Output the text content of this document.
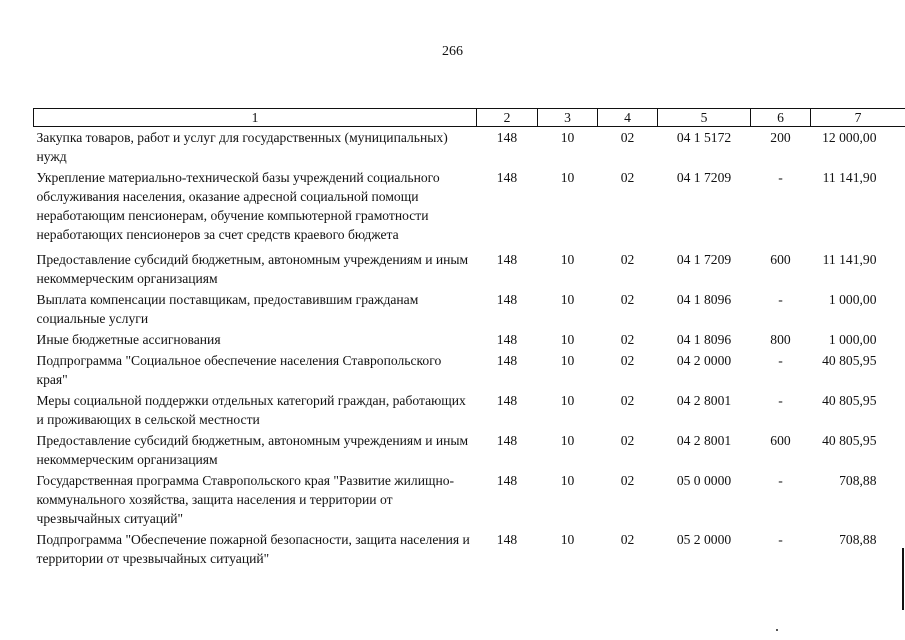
266
1	2	3	4	5	6	7
Закупка товаров, работ и услуг для государственных (муниципальных) нужд	148	10	02	04 1 5172	200	12 000,00
Укрепление материально-технической базы учреждений социального обслуживания населения, оказание адресной социальной помощи неработающим пенсионерам, обучение компьютерной грамотности неработающих пенсионеров за счет средств краевого бюджета	148	10	02	04 1 7209	-	11 141,90
Предоставление субсидий бюджетным, автономным учреждениям и иным некоммерческим организациям	148	10	02	04 1 7209	600	11 141,90
Выплата компенсации поставщикам, предоставившим гражданам социальные услуги	148	10	02	04 1 8096	-	1 000,00
Иные бюджетные ассигнования	148	10	02	04 1 8096	800	1 000,00
Подпрограмма "Социальное обеспечение населения Ставропольского края"	148	10	02	04 2 0000	-	40 805,95
Меры социальной поддержки отдельных категорий граждан, работающих и проживающих в сельской местности	148	10	02	04 2 8001	-	40 805,95
Предоставление субсидий бюджетным, автономным учреждениям и иным некоммерческим организациям	148	10	02	04 2 8001	600	40 805,95
Государственная программа Ставропольского края "Развитие жилищно-коммунального хозяйства, защита населения и территории от чрезвычайных ситуаций"	148	10	02	05 0 0000	-	708,88
Подпрограмма "Обеспечение пожарной безопасности, защита населения и территории от чрезвычайных ситуаций"	148	10	02	05 2 0000	-	708,88
